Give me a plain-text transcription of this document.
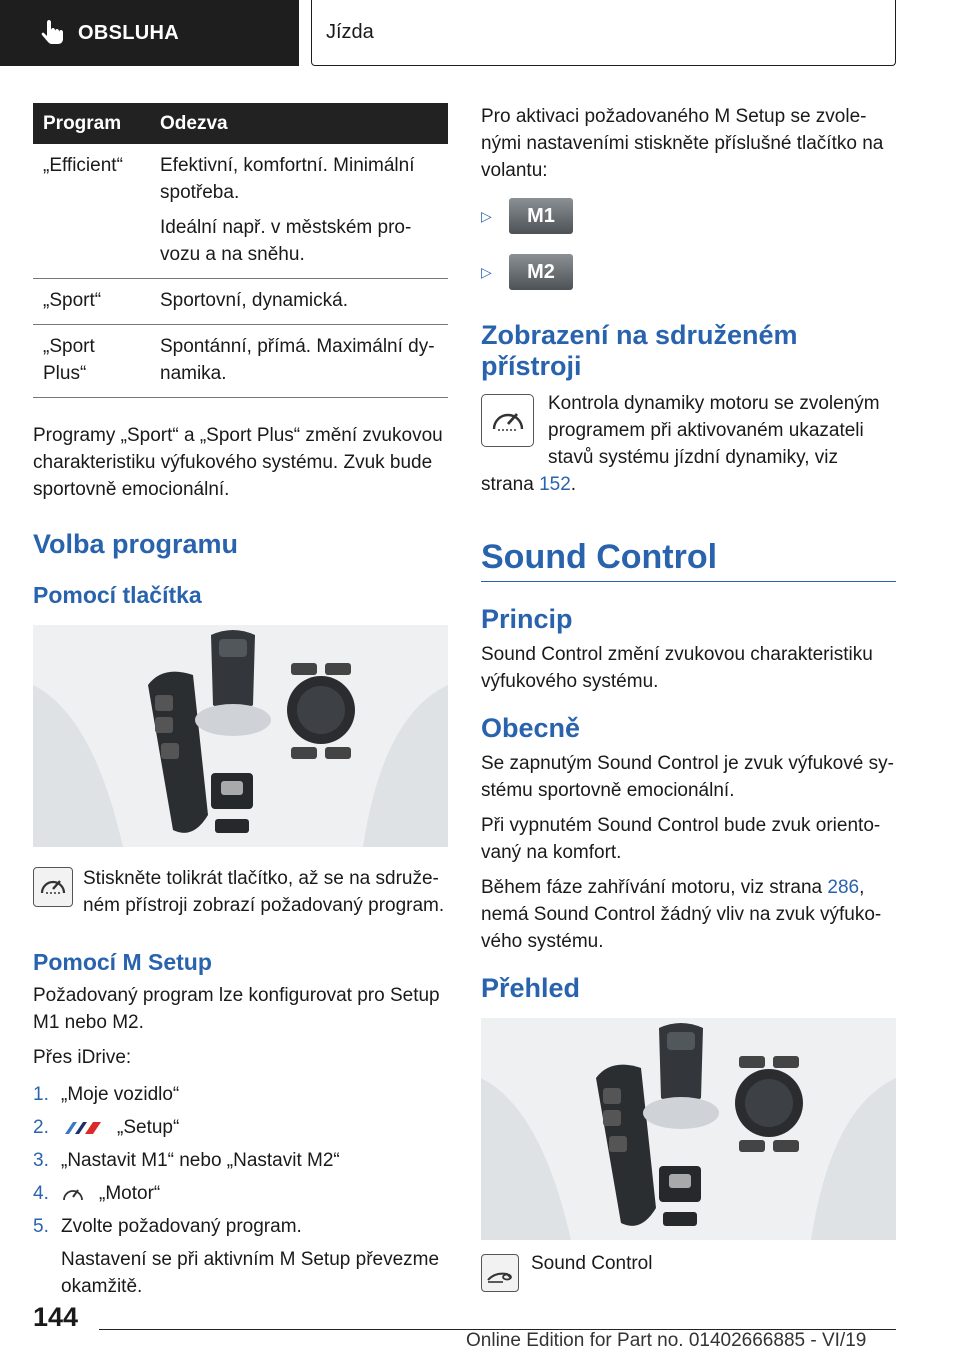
OBSLUHA	Jízda
Program	Odezva
„Efficient“	Efektivní, komfortní. Minimální spotřeba.

Ideální např. v městském pro- vozu a na sněhu.

„Sport“	Sportovní, dynamická.

„Sport Plus“	Spontánní, přímá. Maximální dy- namika.

Programy „Sport“ a „Sport Plus“ změní zvukovou charakteristiku výfukového systému. Zvuk bude sportovně emocionální.

Volba programu
Pomocí tlačítka

Stiskněte tolikrát tlačítko, až se na sdruže- ném přístroji zobrazí požadovaný program.

Pomocí M Setup

Požadovaný program lze konfigurovat pro Setup M1 nebo M2.

Přes iDrive:

1. „Moje vozidlo“
2.	„Setup“
3. „Nastavit M1“ nebo „Nastavit M2“
4.	„Motor“
5. Zvolte požadovaný program.

Nastavení se při aktivním M Setup převezme okamžitě.

Pro aktivaci požadovaného M Setup se zvole- nými nastaveními stiskněte příslušné tlačítko na volantu:

▷	M1
▷	M2
Zobrazení na sdruženém přístroji

Kontrola dynamiky motoru se zvoleným programem při aktivovaném ukazateli stavů systému jízdní dynamiky, viz

strana 152.

Sound Control
Princip

Sound Control změní zvukovou charakteristiku výfukového systému.

Obecně

Se zapnutým Sound Control je zvuk výfukové sy- stému sportovně emocionální.

Při vypnutém Sound Control bude zvuk oriento- vaný na komfort.

Během fáze zahřívání motoru, viz strana 286, nemá Sound Control žádný vliv na zvuk výfuko- vého systému.

Přehled

Sound Control

144
Online Edition for Part no. 01402666885 - VI/19
